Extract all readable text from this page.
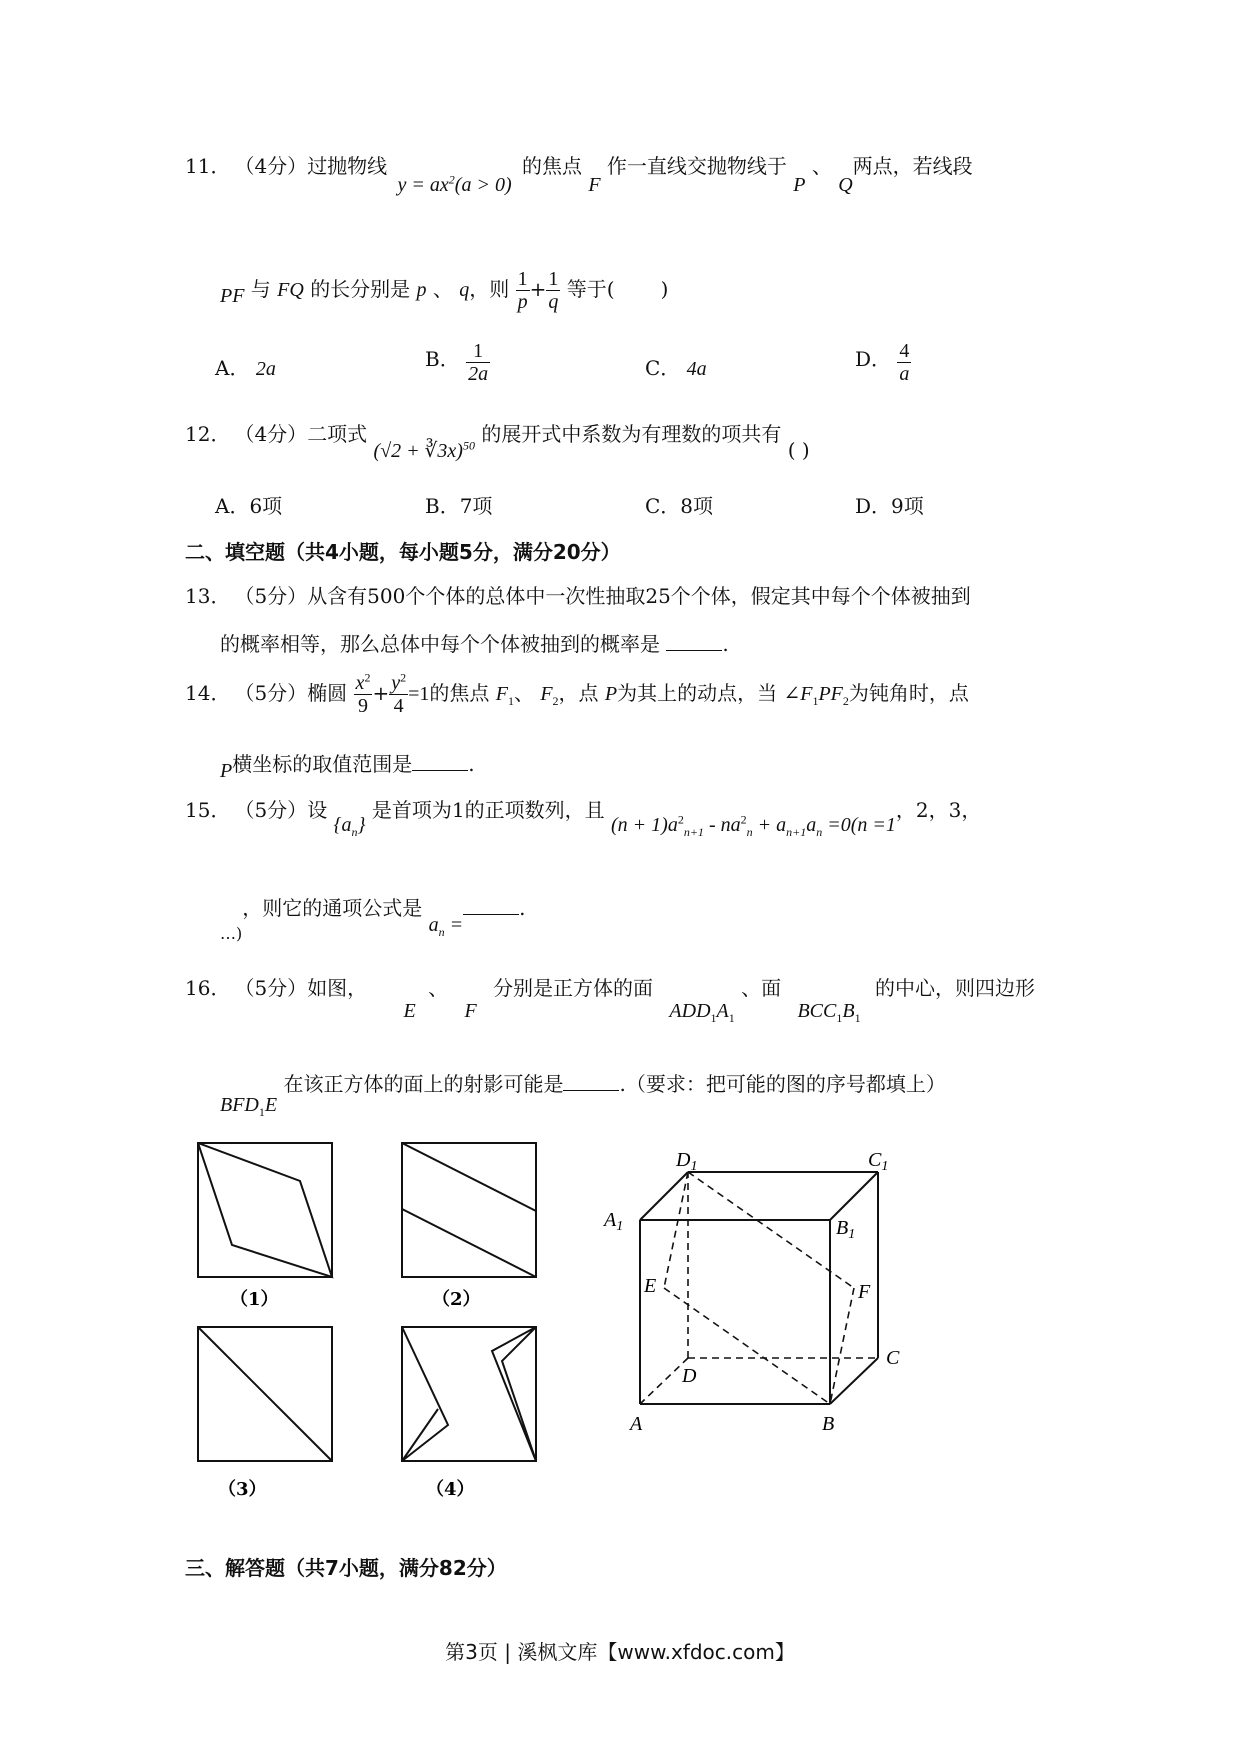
11． （4分）过抛物线 $y = ax^2(a > 0)$ 的焦点 F 作一直线交抛物线于 P 、 Q两点，若线段
PF 与 FQ 的长分别是 p 、 q，则 $\frac{1}{p} + \frac{1}{q}$ 等于( )
A． 2a	B． $\frac{1}{2a}$	C． 4a	D． $\frac{4}{a}$
12． （4分）二项式 (√2 + ∛3x)$^{50}$ 的展开式中系数为有理数的项共有 ( )
A．6项	B．7项	C．8项	D．9项
二、填空题（共4小题，每小题5分，满分20分）
13． （5分）从含有500个个体的总体中一次性抽取25个个体，假定其中每个个体被抽到
的概率相等，那么总体中每个个体被抽到的概率是	.
14． （5分）椭圆 $\frac{x^2}{9} + \frac{y^2}{4} =1$的焦点 $F_1$、 $F_2$，点 P为其上的动点，当 $\angle F_1PF_2$为钝角时，点
P横坐标的取值范围是	.
15． （5分）设 $\{a_n\}$ 是首项为1的正项数列，且 $(n + 1)a^2_{n+1} - na^2_n + a_{n+1}a_n =0(n =1$，2，3，
$_{\dots)}$，则它的通项公式是 $a_n$ =.
16． （5分）如图， E 、 F 分别是正方体的面 $ADD_1A_1$ 、面 $BCC_1B_1$ 的中心，则四边形
$BFD_1E$ 在该正方体的面上的射影可能是	.（要求：把可能的图的序号都填上）
（1）	（2）
（3）	（4）
$D_1$	$C_1$
$A_1$	$B_1$
E	F
D
C
A	B
三、解答题（共7小题，满分82分）
第3页 | 溪枫文库【www.xfdoc.com】
